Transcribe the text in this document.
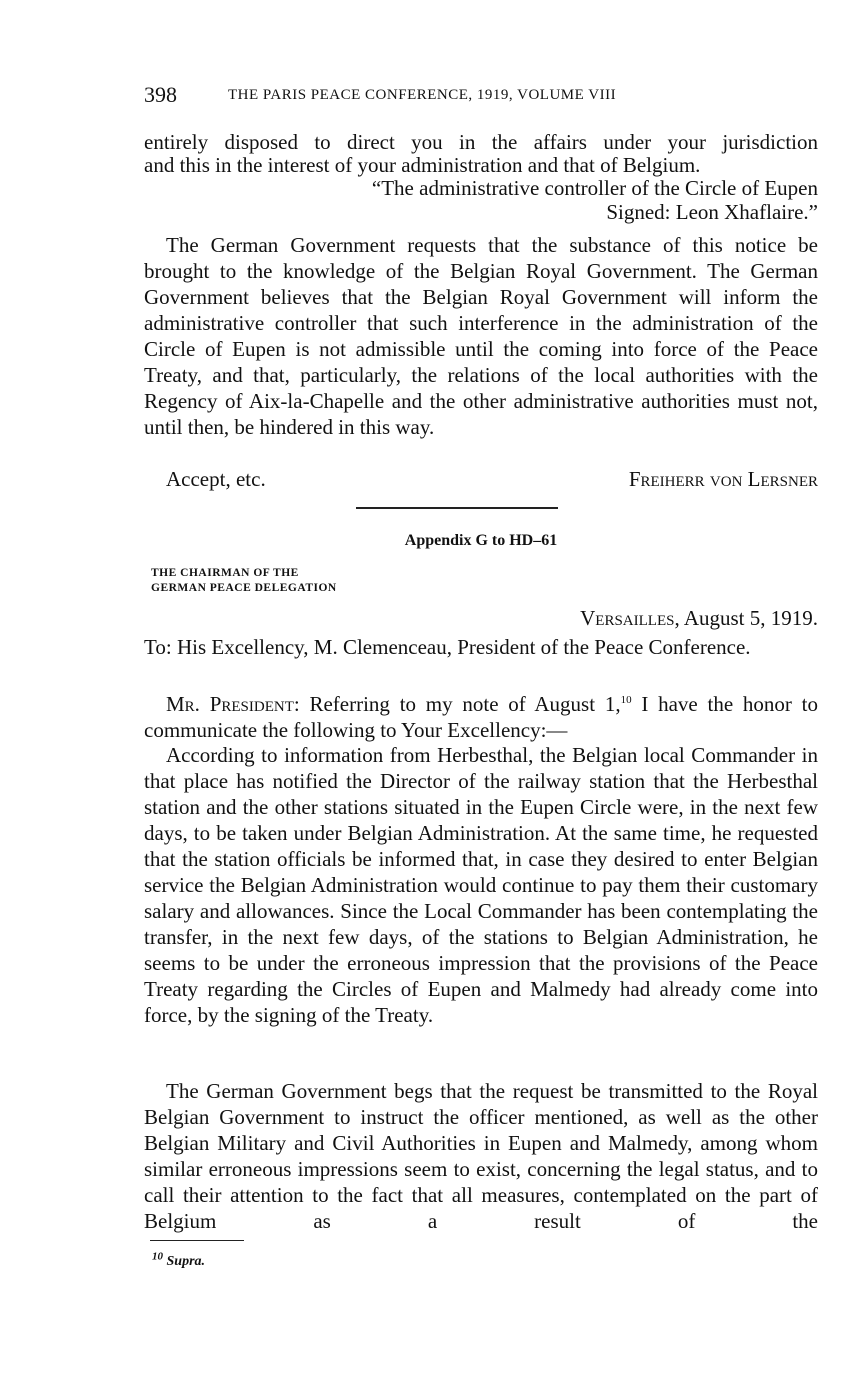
398	THE PARIS PEACE CONFERENCE, 1919, VOLUME VIII
entirely disposed to direct you in the affairs under your jurisdiction
and this in the interest of your administration and that of Belgium.
“The administrative controller of the Circle of Eupen
Signed: Leon Xhaflaire.”

The German Government requests that the substance of this notice be brought to the knowledge of the Belgian Royal Government. The German Government believes that the Belgian Royal Government will inform the administrative controller that such interference in the administration of the Circle of Eupen is not admissible until the coming into force of the Peace Treaty, and that, particularly, the relations of the local authorities with the Regency of Aix-la-Chapelle and the other administrative authorities must not, until then, be hindered in this way.

Accept, etc.	Freiherr von Lersner
Appendix G to HD–61
THE CHAIRMAN OF THE
GERMAN PEACE DELEGATION
Versailles, August 5, 1919.
To: His Excellency, M. Clemenceau, President of the Peace Conference.

Mr. President: Referring to my note of August 1,10 I have the honor to communicate the following to Your Excellency:—

According to information from Herbesthal, the Belgian local Commander in that place has notified the Director of the railway station that the Herbesthal station and the other stations situated in the Eupen Circle were, in the next few days, to be taken under Belgian Administration. At the same time, he requested that the station officials be informed that, in case they desired to enter Belgian service the Belgian Administration would continue to pay them their customary salary and allowances. Since the Local Commander has been contemplating the transfer, in the next few days, of the stations to Belgian Administration, he seems to be under the erroneous impression that the provisions of the Peace Treaty regarding the Circles of Eupen and Malmedy had already come into force, by the signing of the Treaty.

The German Government begs that the request be transmitted to the Royal Belgian Government to instruct the officer mentioned, as well as the other Belgian Military and Civil Authorities in Eupen and Malmedy, among whom similar erroneous impressions seem to exist, concerning the legal status, and to call their attention to the fact that all measures, contemplated on the part of Belgium as a result of the

$^{10}$ Supra.
